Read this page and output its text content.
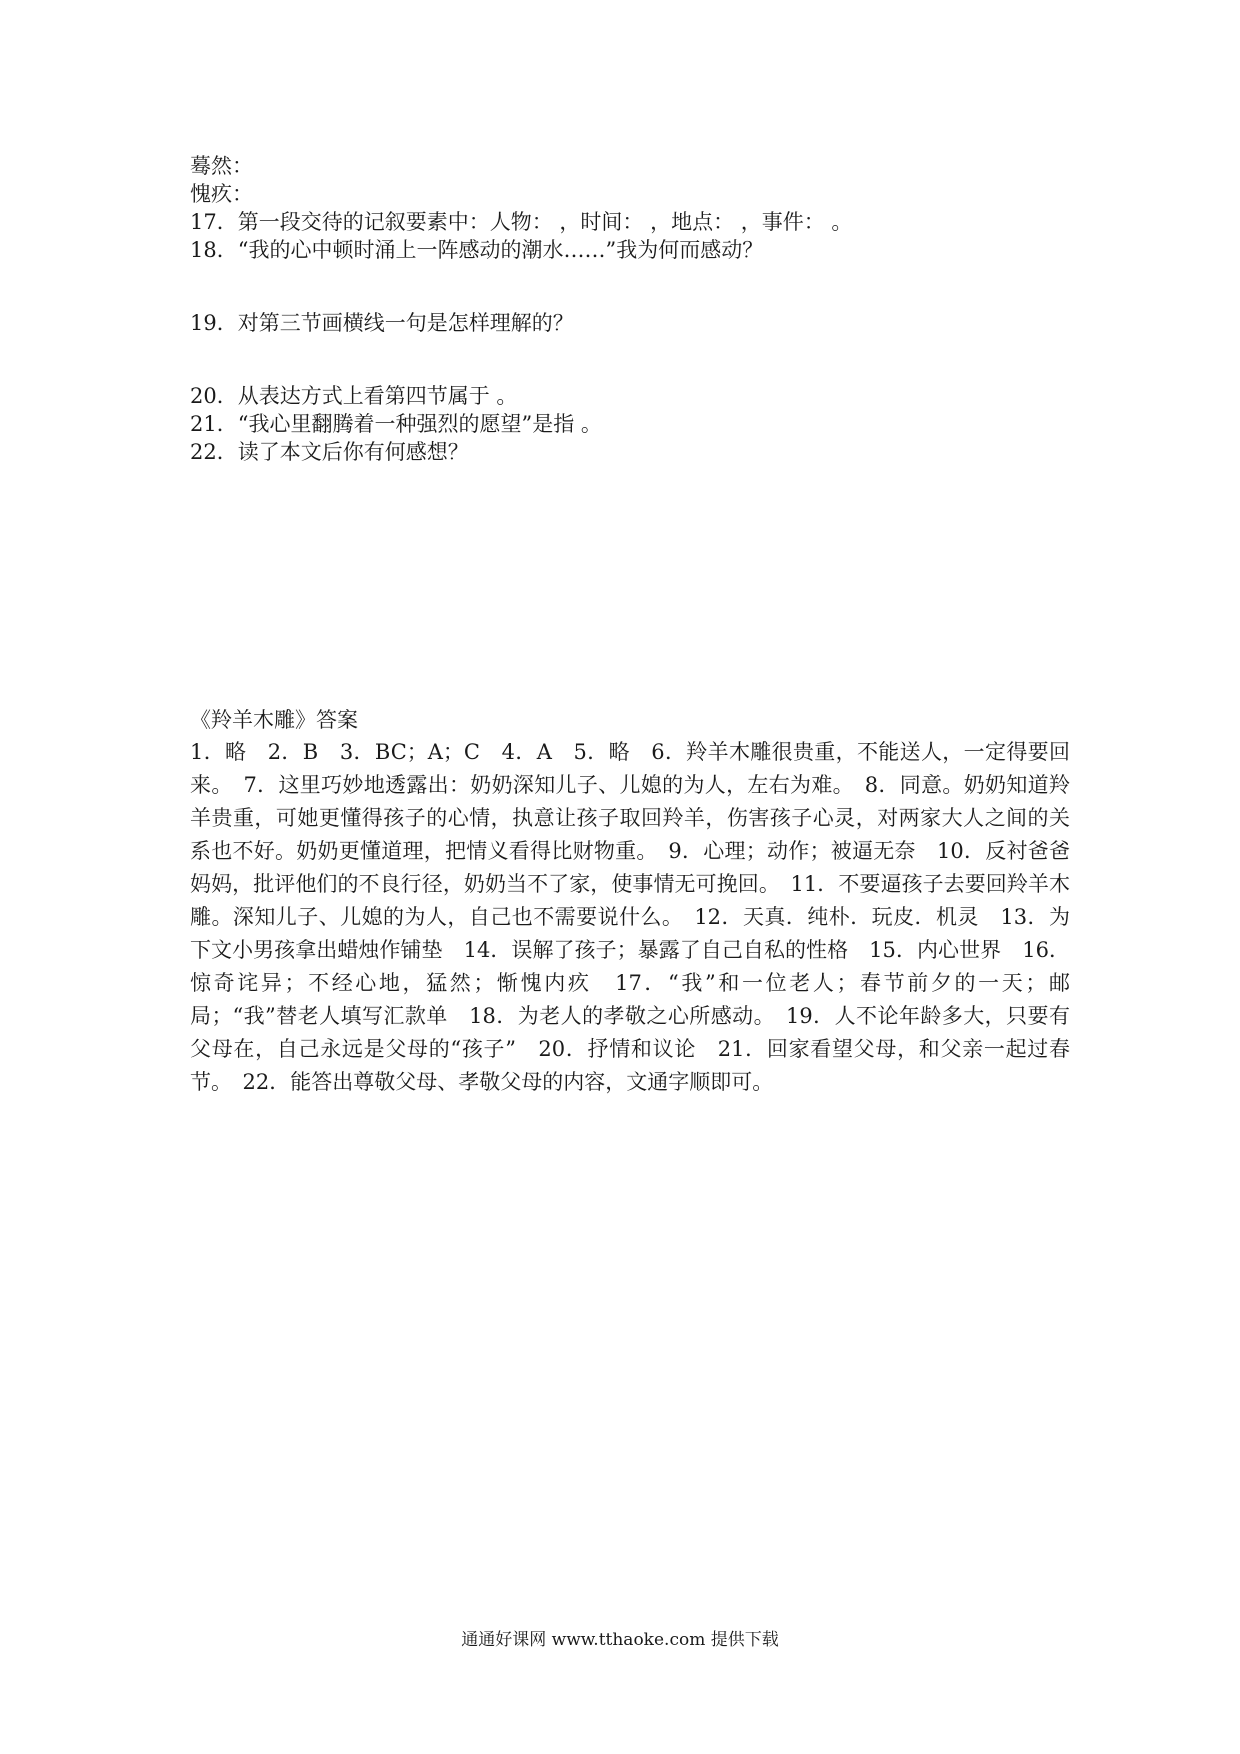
蓦然：
愧疚：
17．第一段交待的记叙要素中：人物： ，时间： ，地点： ，事件： 。
18．“我的心中顿时涌上一阵感动的潮水……”我为何而感动？
19．对第三节画横线一句是怎样理解的？
20．从表达方式上看第四节属于 。
21．“我心里翻腾着一种强烈的愿望”是指 。
22．读了本文后你有何感想？
《羚羊木雕》答案
1．略　2．B　3．BC；A；C　4．A　5．略　6．羚羊木雕很贵重，不能送人，一定得要回来。　7．这里巧妙地透露出：奶奶深知儿子、儿媳的为人，左右为难。　8．同意。奶奶知道羚羊贵重，可她更懂得孩子的心情，执意让孩子取回羚羊，伤害孩子心灵，对两家大人之间的关系也不好。奶奶更懂道理，把情义看得比财物重。　9．心理；动作；被逼无奈　10．反衬爸爸妈妈，批评他们的不良行径，奶奶当不了家，使事情无可挽回。　11．不要逼孩子去要回羚羊木雕。深知儿子、儿媳的为人，自己也不需要说什么。　12．天真．纯朴．玩皮．机灵　13．为下文小男孩拿出蜡烛作铺垫　14．误解了孩子；暴露了自己自私的性格　15．内心世界　16．惊奇诧异；不经心地，猛然；惭愧内疚　17．“我”和一位老人；春节前夕的一天；邮局；“我”替老人填写汇款单　18．为老人的孝敬之心所感动。　19．人不论年龄多大，只要有父母在，自己永远是父母的“孩子”　20．抒情和议论　21．回家看望父母，和父亲一起过春节。　22．能答出尊敬父母、孝敬父母的内容，文通字顺即可。
通通好课网 www.tthaoke.com 提供下载
